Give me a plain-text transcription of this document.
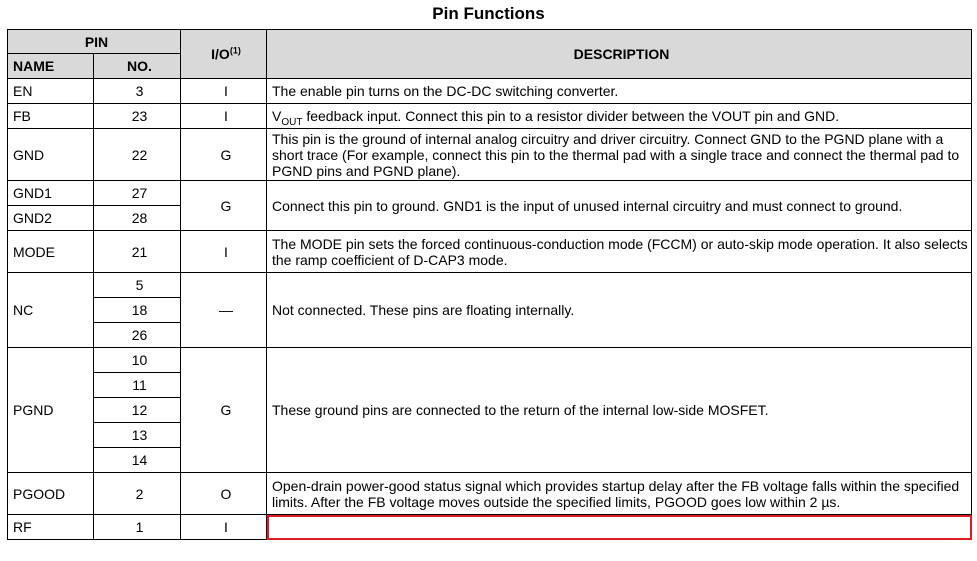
Pin Functions
PIN		$I/O^{(1)}$	DESCRIPTION
NAME	NO.		
EN	3	I	The enable pin turns on the DC-DC switching converter.
FB	23	I	$V_{OUT}$ feedback input. Connect this pin to a resistor divider between the VOUT pin and GND.
GND	22	G	This pin is the ground of internal analog circuitry and driver circuitry. Connect GND to the PGND plane with a short trace (For example, connect this pin to the thermal pad with a single trace and connect the thermal pad to PGND pins and PGND plane).
GND1	27	G	Connect this pin to ground. GND1 is the input of unused internal circuitry and must connect to ground.
GND2	28		
MODE	21	I	The MODE pin sets the forced continuous-conduction mode (FCCM) or auto-skip mode operation. It also selects the ramp coefficient of D-CAP3 mode.
NC	5	—	Not connected. These pins are floating internally.
	18		
	26		
PGND	10	G	These ground pins are connected to the return of the internal low-side MOSFET.
	11		
	12		
	13		
	14		
PGOOD	2	O	Open-drain power-good status signal which provides startup delay after the FB voltage falls within the specified limits. After the FB voltage moves outside the specified limits, PGOOD goes low within 2 µs.
RF	1	I	
